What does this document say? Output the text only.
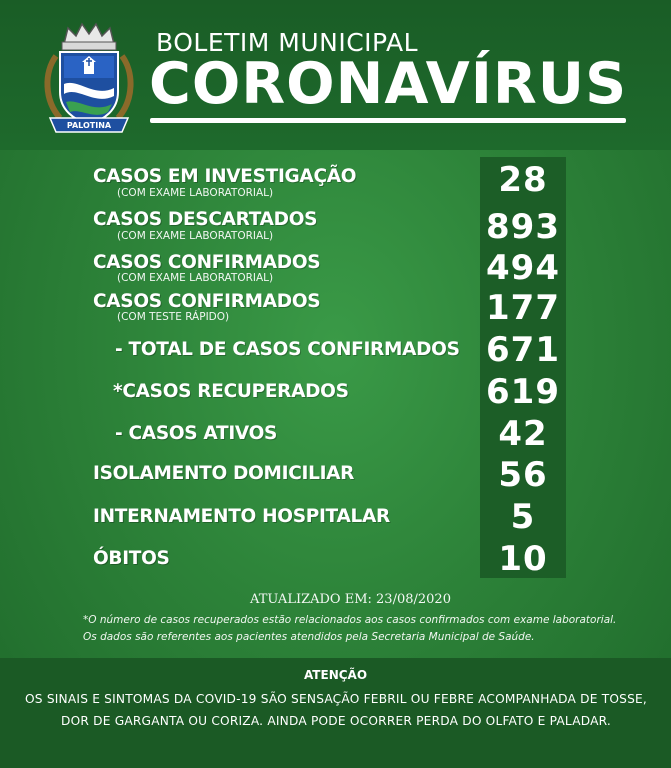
PALOTINA
BOLETIM MUNICIPAL
CORONAVÍRUS
CASOS EM INVESTIGAÇÃO
(COM EXAME LABORATORIAL)	28
CASOS DESCARTADOS
(COM EXAME LABORATORIAL)	893
CASOS CONFIRMADOS
(COM EXAME LABORATORIAL)	494
CASOS CONFIRMADOS
(COM TESTE RÁPIDO)	177
- TOTAL DE CASOS CONFIRMADOS 671
*CASOS RECUPERADOS	619
- CASOS ATIVOS	42
ISOLAMENTO DOMICILIAR	56
INTERNAMENTO HOSPITALAR	5
ÓBITOS	10
ATUALIZADO EM: 23/08/2020
*O número de casos recuperados estão relacionados aos casos confirmados com exame laboratorial.
Os dados são referentes aos pacientes atendidos pela Secretaria Municipal de Saúde.
ATENÇÃO
OS SINAIS E SINTOMAS DA COVID-19 SÃO SENSAÇÃO FEBRIL OU FEBRE ACOMPANHADA DE TOSSE, DOR DE GARGANTA OU CORIZA. AINDA PODE OCORRER PERDA DO OLFATO E PALADAR.
